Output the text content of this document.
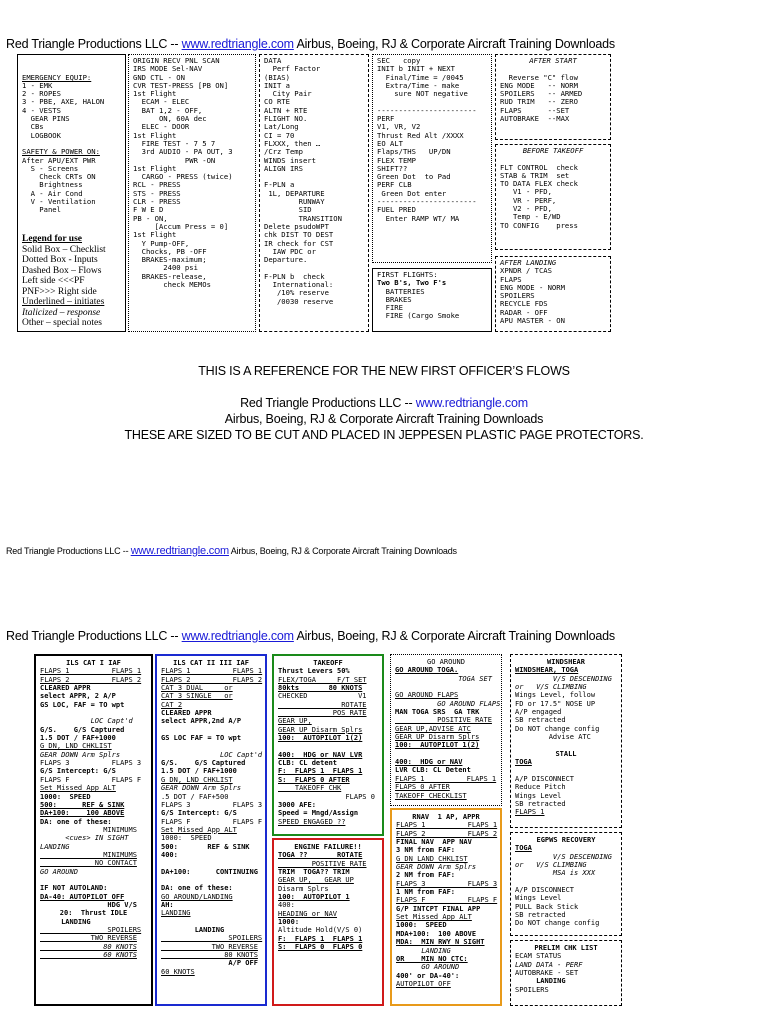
Red Triangle Productions LLC -- www.redtriangle.com Airbus, Boeing, RJ & Corporate Aircraft Training Downloads

EMERGENCY EQUIP:
1 - EMK
2 - ROPES
3 - PBE, AXE, HALON
4 - VESTS
GEAR PINS
CBs
LOGBOOK

SAFETY & POWER ON:
After APU/EXT PWR
S - Screens
Check CRTs ON
Brightness
A - Air Cond
V - Ventilation
Panel

Legend for use
Solid Box – Checklist
Dotted Box - Inputs
Dashed Box – Flows
Left side <<<PF
PNF>>> Right side
Underlined – initiates
Italicized – response
Other – special notes

ORIGIN RECV PNL SCAN
IRS MODE Sel-NAV
GND CTL - ON
CVR TEST-PRESS [PB ON]
1st Flight
ECAM - ELEC
BAT 1,2 - OFF,
ON, 60A dec
ELEC - DOOR
1st Flight
FIRE TEST - 7 5 7
3rd AUDIO - PA OUT, 3
PWR -ON
1st Flight
CARGO - PRESS (twice)
RCL - PRESS
STS - PRESS
CLR - PRESS
F W E D
PB - ON,
[Accum Press = 0]
1st Flight
Y Pump-OFF,
Chocks, PB -OFF
BRAKES-maximum;
2400 psi
BRAKES-release,
check MEMOs
DATA
Perf Factor
(BIAS)
INIT a
City Pair
CO RTE
ALTN + RTE
FLIGHT NO.
Lat/Long
CI = 70
FLXXX, then …
/Crz Temp
WINDS insert
ALIGN IRS

F-PLN a
1L, DEPARTURE
RUNWAY
SID
TRANSITION
Delete psudoWPT
chk DIST TO DEST
IR check for CST
IAW PDC or
Departure.

F-PLN b  check
International:
/10% reserve
/0030 reserve
SEC   copy
INIT b INIT + NEXT
Final/Time = /0045
Extra/Time - make
sure NOT negative

-----------------------
PERF
V1, VR, V2
Thrust Red Alt /XXXX
EO ALT
Flaps/THS   UP/DN
FLEX TEMP
SHIFT??
Green Dot  to Pad
PERF CLB
Green Dot enter
-----------------------
FUEL PRED
Enter RAMP WT/ MA
FIRST FLIGHTS:
Two B's, Two F's
BATTERIES
BRAKES
FIRE
FIRE (Cargo Smoke
AFTER START

Reverse "C" flow
ENG MODE   -- NORM
SPOILERS   -- ARMED
RUD TRIM   -- ZERO
FLAPS      --SET
AUTOBRAKE  --MAX
BEFORE TAKEOFF

FLT CONTROL  check
STAB & TRIM  set
TO DATA FLEX check
V1 - PFD,
VR - PERF,
V2 - PFD,
Temp - E/WD
TO CONFIG    press
AFTER LANDING
XPNDR / TCAS
FLAPS
ENG MODE - NORM
SPOILERS
RECYCLE FDS
RADAR - OFF
APU MASTER - ON
THIS IS A REFERENCE FOR THE NEW FIRST OFFICER’S FLOWS
Red Triangle Productions LLC -- www.redtriangle.com
Airbus, Boeing, RJ & Corporate Aircraft Training Downloads
THESE ARE SIZED TO BE CUT AND PLACED IN JEPPESEN PLASTIC PAGE PROTECTORS.
Red Triangle Productions LLC -- www.redtriangle.com Airbus, Boeing, RJ & Corporate Aircraft Training Downloads
Red Triangle Productions LLC -- www.redtriangle.com Airbus, Boeing, RJ & Corporate Aircraft Training Downloads
ILS CAT I IAF
FLAPS 1          FLAPS 1
FLAPS 2          FLAPS 2
CLEARED APPR
select APPR, 2 A/P
GS LOC, FAF = TO wpt

LOC Capt'd
G/S.    G/S Captured
1.5 DOT / FAF+1000
G DN, LND CHKLIST
GEAR DOWN Arm Splrs
FLAPS 3          FLAPS 3
G/S Intercept: G/S
FLAPS F          FLAPS F
Set Missed App ALT
1000:  SPEED
500:      REF & SINK
DA+100:    100 ABOVE
DA: one of these:
MINIMUMS
<cues> IN SIGHT
LANDING
MINIMUMS
NO CONTACT
GO AROUND

IF NOT AUTOLAND:
DA-40: AUTOPILOT OFF
HDG V/S
20:  Thrust IDLE
LANDING
SPOILERS
TWO REVERSE
80 KNOTS
60 KNOTS
ILS CAT II III IAF
FLAPS 1          FLAPS 1
FLAPS 2          FLAPS 2
CAT 3 DUAL     or
CAT 3 SINGLE   or
CAT 2
CLEARED APPR
select APPR,2nd A/P

GS LOC FAF = TO wpt

LOC Capt'd
G/S.    G/S Captured
1.5 DOT / FAF+1000
G DN, LND CHKLIST
GEAR DOWN Arm Splrs
.5 DOT / FAF+500
FLAPS 3          FLAPS 3
G/S Intercept: G/S
FLAPS F          FLAPS F
Set Missed App ALT
1000:  SPEED
500:       REF & SINK
400:

DA+100:      CONTINUING

DA: one of these:
GO AROUND/LANDING
AH:
LANDING

LANDING
SPOILERS
TWO REVERSE
80 KNOTS
A/P OFF
60 KNOTS
TAKEOFF
Thrust Levers 50%
FLEX/TOGA     F/T SET
80kts       80 KNOTS
CHECKED            V1
ROTATE
POS RATE
GEAR UP,
GEAR UP Disarm Splrs
100:  AUTOPILOT 1(2)

400:  HDG or NAV LVR
CLB: CL detent
F:  FLAPS 1  FLAPS 1
S:  FLAPS 0 AFTER
TAKEOFF CHK
FLAPS 0
3000 AFE:
Speed = Mngd/Assign
SPEED ENGAGED ??
ENGINE FAILURE!!
TOGA ??       ROTATE
POSITIVE RATE
TRIM  TOGA?? TRIM
GEAR UP,   GEAR UP
Disarm Splrs
100:  AUTOPILOT 1
400:
HEADING or NAV
1000:
Altitude Hold(V/S 0)
F:  FLAPS 1  FLAPS 1
S:  FLAPS 0  FLAPS 0
GO AROUND
GO AROUND TOGA.
TOGA SET

GO AROUND FLAPS
GO AROUND FLAPS
MAN TOGA SRS  GA TRK
POSITIVE RATE
GEAR UP,ADVISE ATC
GEAR UP Disarm Splrs
100:  AUTOPILOT 1(2)

400:  HDG or NAV
LVR CLB: CL Detent
FLAPS 1          FLAPS 1
FLAPS 0 AFTER
TAKEOFF CHECKLIST
RNAV  1 AP, APPR
FLAPS 1          FLAPS 1
FLAPS 2          FLAPS 2
FINAL NAV  APP NAV
3 NM from FAF:
G DN LAND CHKLIST
GEAR DOWN Arm Splrs
2 NM from FAF:
FLAPS 3          FLAPS 3
1 NM from FAF:
FLAPS F          FLAPS F
G/P INTCPT FINAL APP
Set Missed App ALT
1000:  SPEED
MDA+100:  100 ABOVE
MDA:  MIN RWY N SIGHT
LANDING
OR    MIN NO CTC:
GO AROUND
400' or DA-40':
AUTOPILOT OFF
WINDSHEAR
WINDSHEAR, TOGA
V/S DESCENDING
or   V/S CLIMBING
Wings Level, follow
FD or 17.5" NOSE UP
A/P engaged
SB retracted
Do NOT change config
Advise ATC

STALL
TOGA

A/P DISCONNECT
Reduce Pitch
Wings Level
SB retracted
FLAPS 1
EGPWS RECOVERY
TOGA
V/S DESCENDING
or   V/S CLIMBING
MSA is XXX

A/P DISCONNECT
Wings Level
PULL Back Stick
SB retracted
Do NOT change config
PRELIM CHK LIST
ECAM STATUS
LAND DATA - PERF
AUTOBRAKE - SET
LANDING
SPOILERS
